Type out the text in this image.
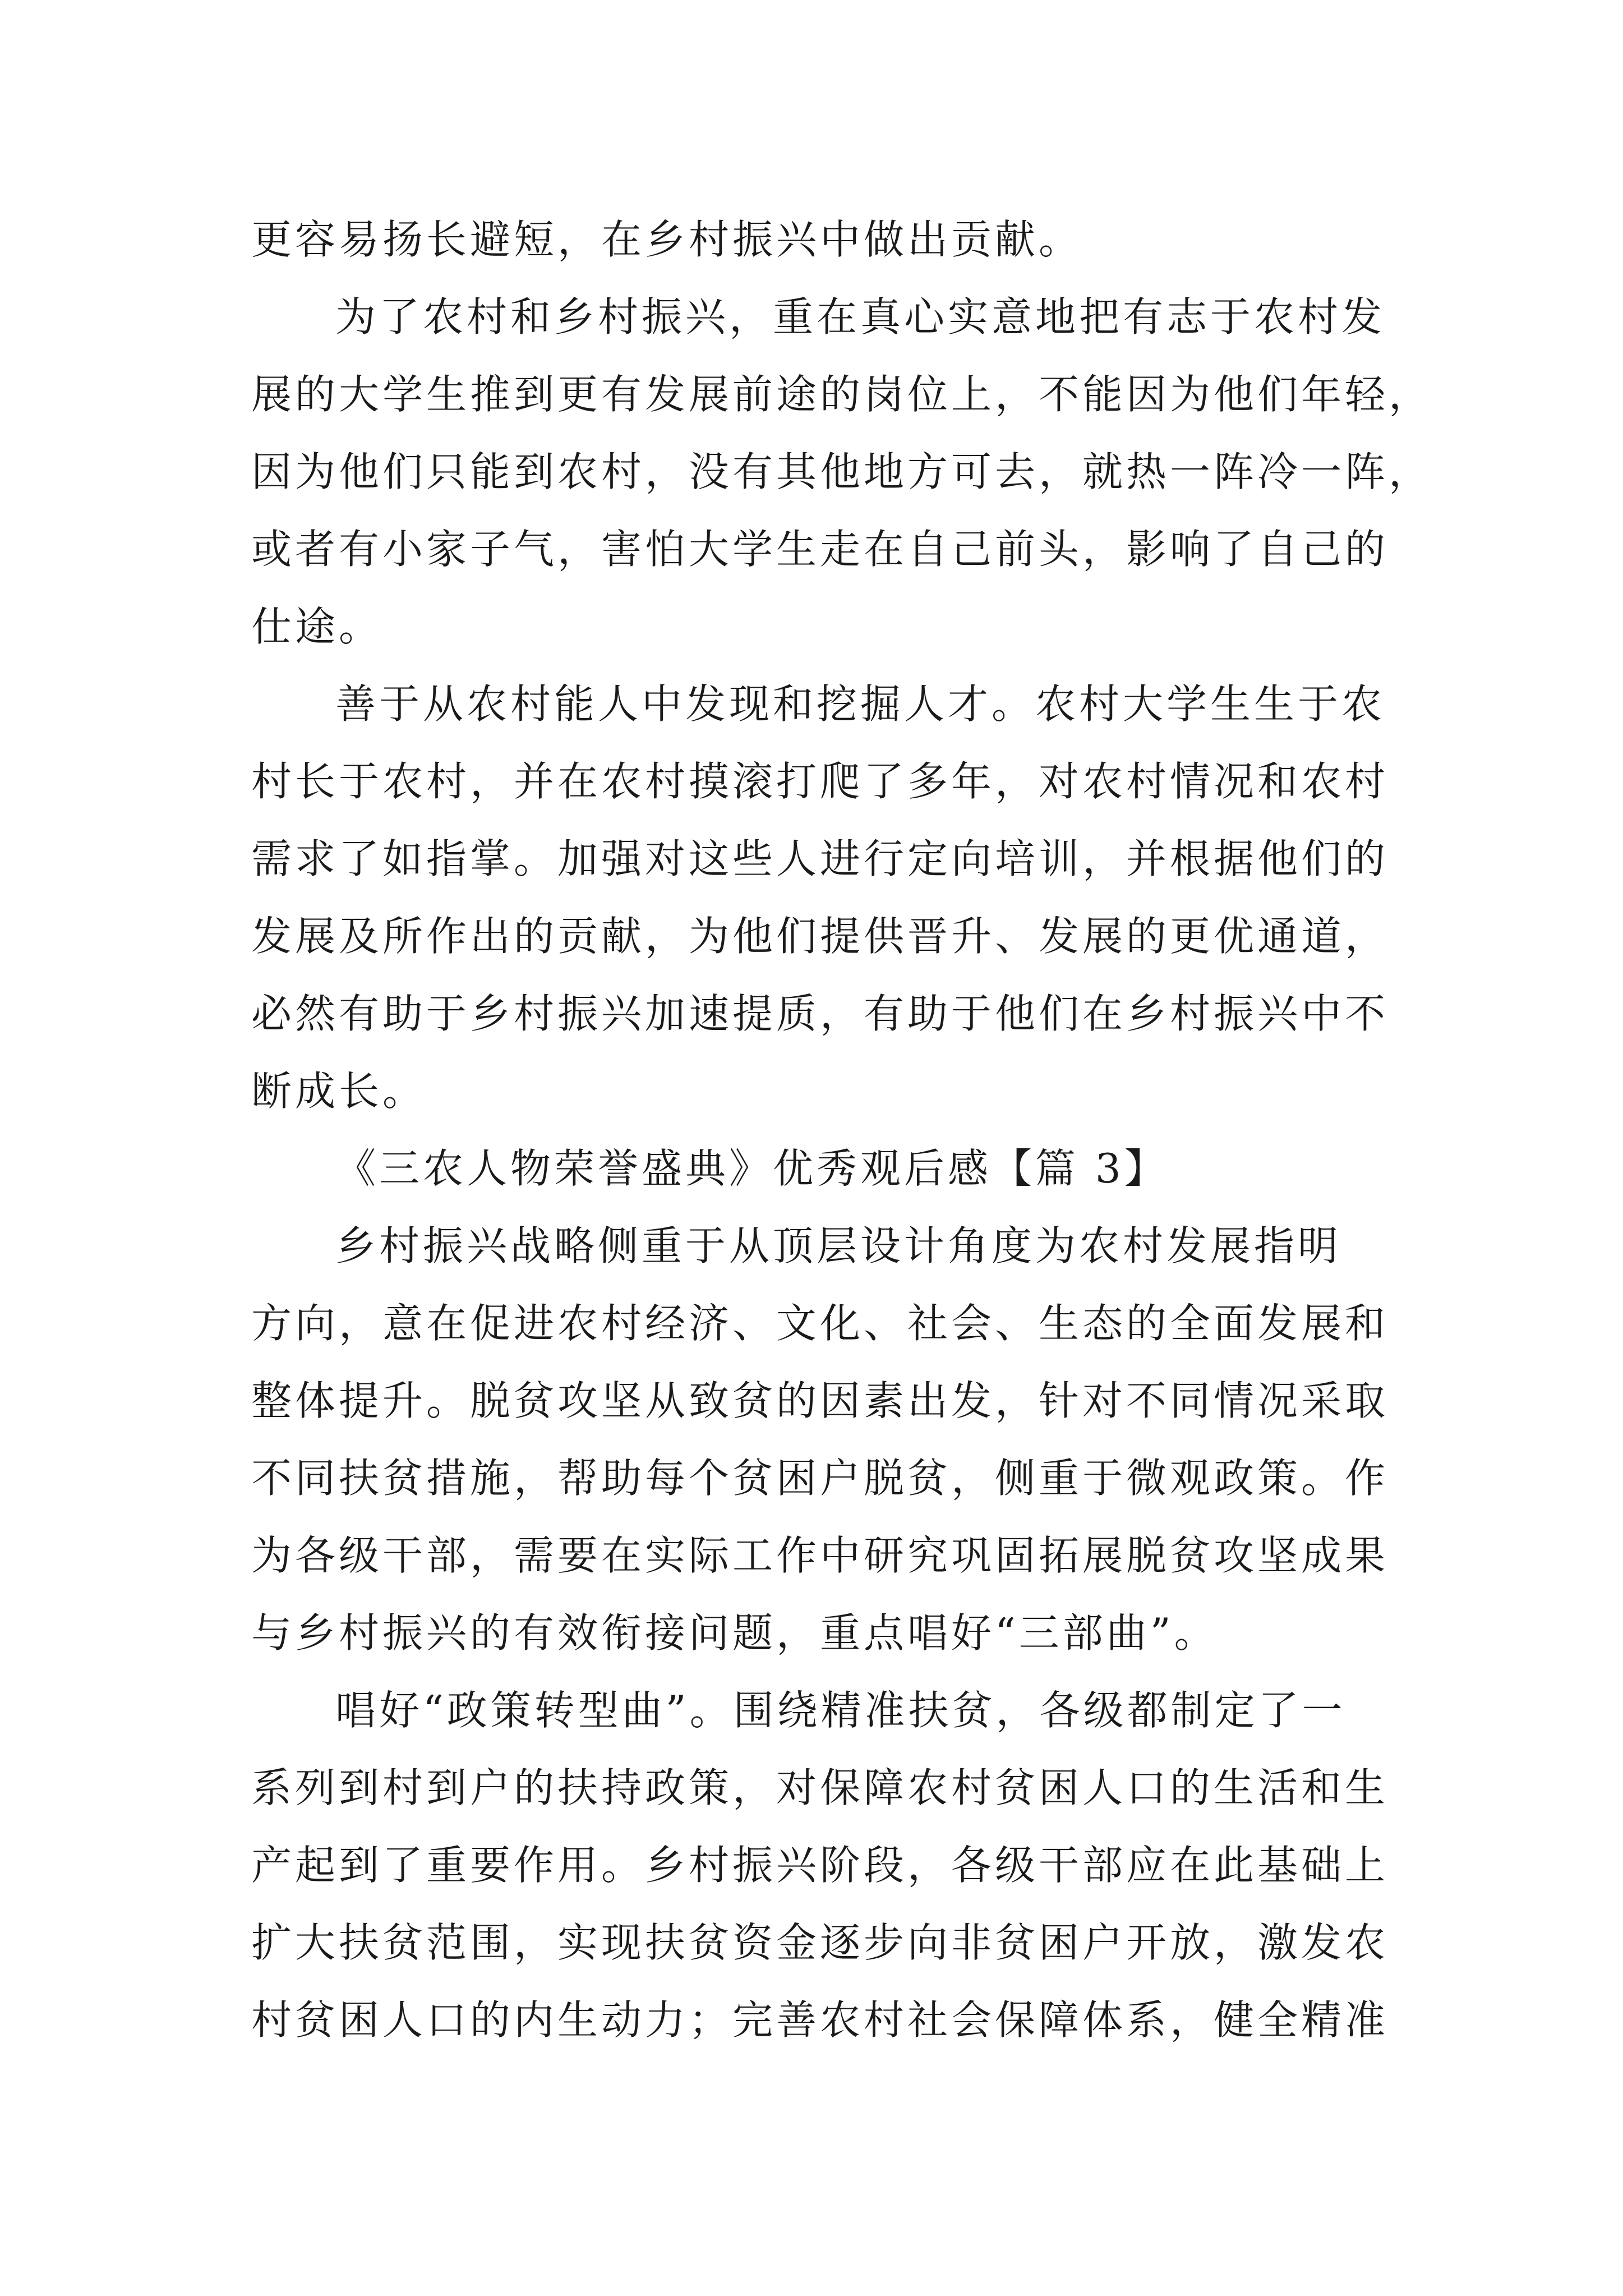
更容易扬长避短，在乡村振兴中做出贡献。
为了农村和乡村振兴，重在真心实意地把有志于农村发
展的大学生推到更有发展前途的岗位上，不能因为他们年轻，
因为他们只能到农村，没有其他地方可去，就热一阵冷一阵，
或者有小家子气，害怕大学生走在自己前头，影响了自己的
仕途。
善于从农村能人中发现和挖掘人才。农村大学生生于农
村长于农村，并在农村摸滚打爬了多年，对农村情况和农村
需求了如指掌。加强对这些人进行定向培训，并根据他们的
发展及所作出的贡献，为他们提供晋升、发展的更优通道，
必然有助于乡村振兴加速提质，有助于他们在乡村振兴中不
断成长。
《三农人物荣誉盛典》优秀观后感【篇 3】
乡村振兴战略侧重于从顶层设计角度为农村发展指明
方向，意在促进农村经济、文化、社会、生态的全面发展和
整体提升。脱贫攻坚从致贫的因素出发，针对不同情况采取
不同扶贫措施，帮助每个贫困户脱贫，侧重于微观政策。作
为各级干部，需要在实际工作中研究巩固拓展脱贫攻坚成果
与乡村振兴的有效衔接问题，重点唱好“三部曲”。
唱好“政策转型曲”。围绕精准扶贫，各级都制定了一
系列到村到户的扶持政策，对保障农村贫困人口的生活和生
产起到了重要作用。乡村振兴阶段，各级干部应在此基础上
扩大扶贫范围，实现扶贫资金逐步向非贫困户开放，激发农
村贫困人口的内生动力；完善农村社会保障体系，健全精准
